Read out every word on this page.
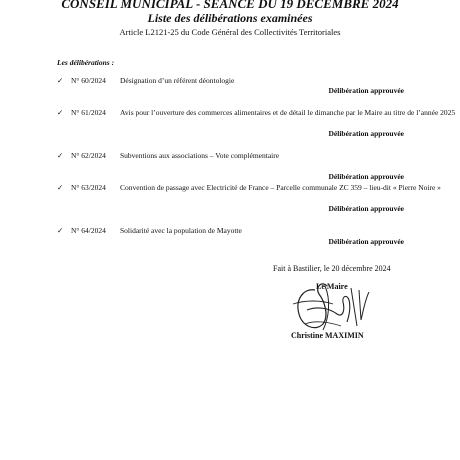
CONSEIL MUNICIPAL - SEANCE DU 19 DECEMBRE 2024
Liste des délibérations examinées
Article L2121-25 du Code Général des Collectivités Territoriales
Les délibérations :
✓	N° 60/2024 Désignation d’un référent déontologie
Délibération approuvée
✓	N° 61/2024 Avis pour l’ouverture des commerces alimentaires et de détail le dimanche par le Maire au titre de l’année 2025
Délibération approuvée
✓	N° 62/2024 Subventions aux associations – Vote complémentaire
Délibération approuvée
✓	N° 63/2024 Convention de passage avec Electricité de France – Parcelle communale ZC 359 – lieu-dit « Pierre Noire »
Délibération approuvée
✓	N° 64/2024 Solidarité avec la population de Mayotte
Délibération approuvée
Fait à Bastilier, le 20 décembre 2024
Le Maire
Christine MAXIMIN
